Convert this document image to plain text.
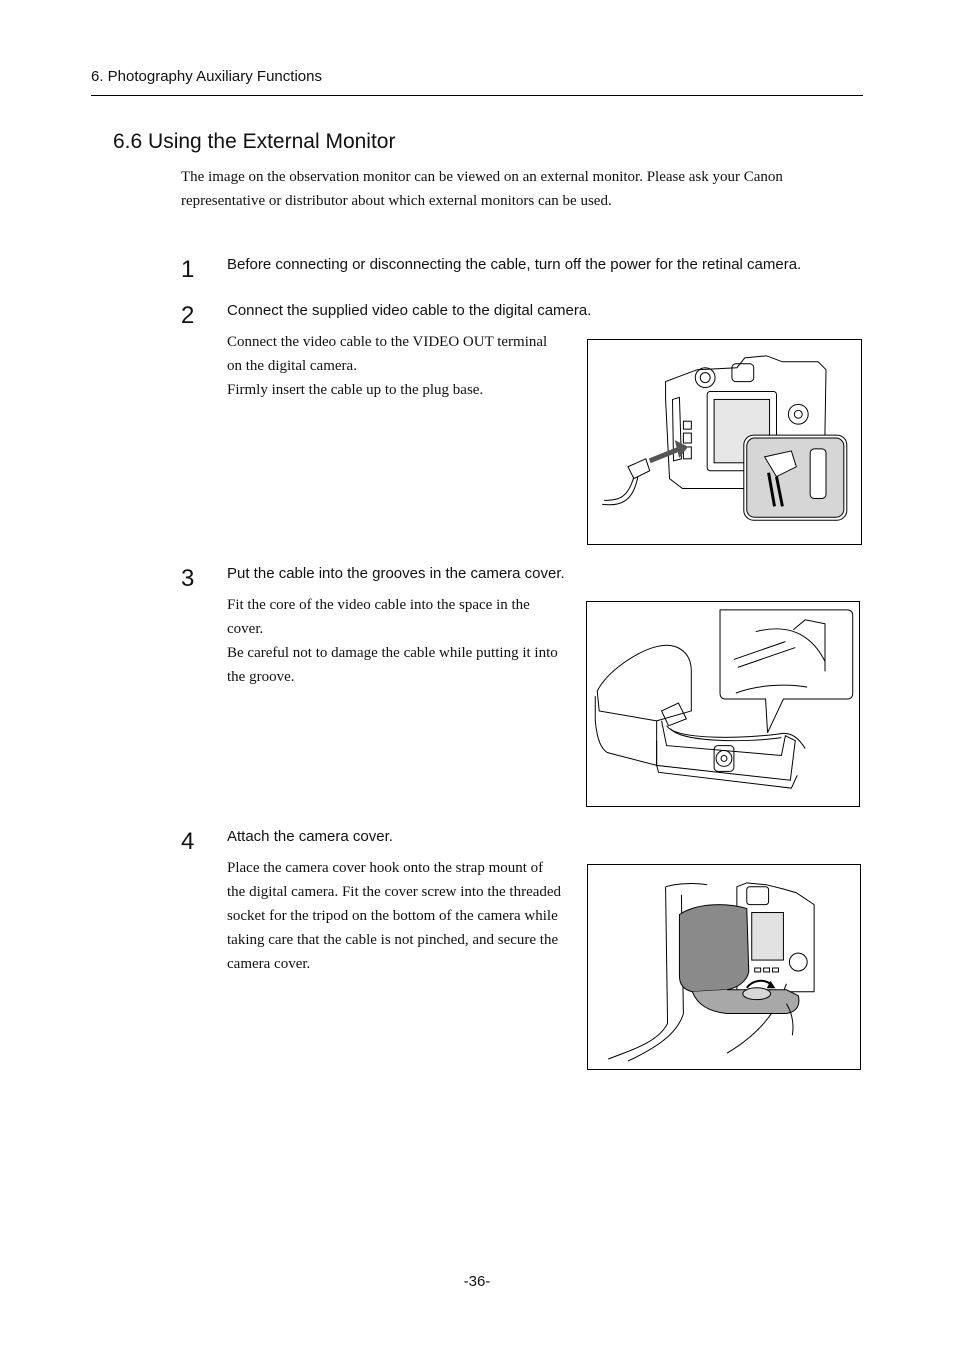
6. Photography Auxiliary Functions
6.6 Using the External Monitor
The image on the observation monitor can be viewed on an external monitor. Please ask your Canon representative or distributor about which external monitors can be used.
1 Before connecting or disconnecting the cable, turn off the power for the retinal camera.
2 Connect the supplied video cable to the digital camera.
Connect the video cable to the VIDEO OUT terminal
on the digital camera.
Firmly insert the cable up to the plug base.
3 Put the cable into the grooves in the camera cover.
Fit the core of the video cable into the space in the
cover.
Be careful not to damage the cable while putting it into
the groove.
4 Attach the camera cover.
Place the camera cover hook onto the strap mount of
the digital camera. Fit the cover screw into the threaded
socket for the tripod on the bottom of the camera while
taking care that the cable is not pinched, and secure the
camera cover.
-36-
